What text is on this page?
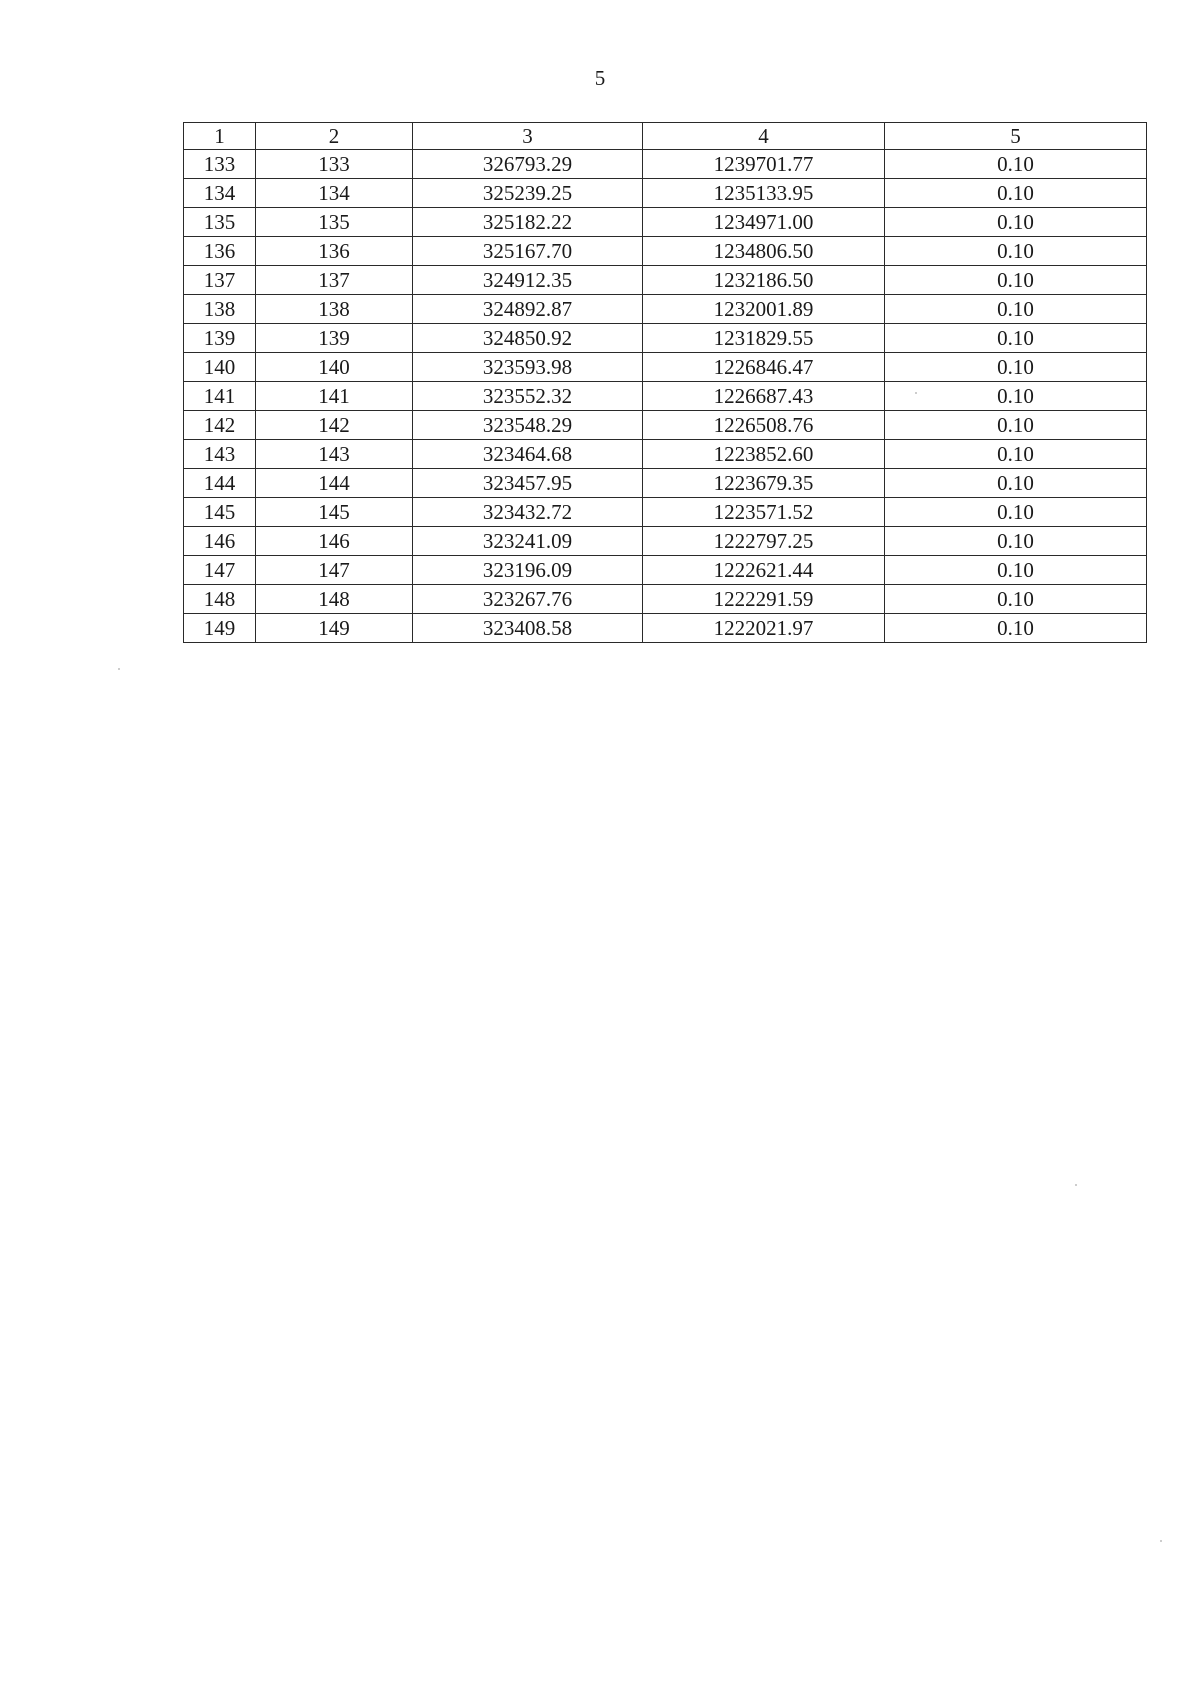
5
1	2	3	4	5
133	133	326793.29	1239701.77	0.10
134	134	325239.25	1235133.95	0.10
135	135	325182.22	1234971.00	0.10
136	136	325167.70	1234806.50	0.10
137	137	324912.35	1232186.50	0.10
138	138	324892.87	1232001.89	0.10
139	139	324850.92	1231829.55	0.10
140	140	323593.98	1226846.47	0.10
141	141	323552.32	1226687.43	0.10
142	142	323548.29	1226508.76	0.10
143	143	323464.68	1223852.60	0.10
144	144	323457.95	1223679.35	0.10
145	145	323432.72	1223571.52	0.10
146	146	323241.09	1222797.25	0.10
147	147	323196.09	1222621.44	0.10
148	148	323267.76	1222291.59	0.10
149	149	323408.58	1222021.97	0.10
